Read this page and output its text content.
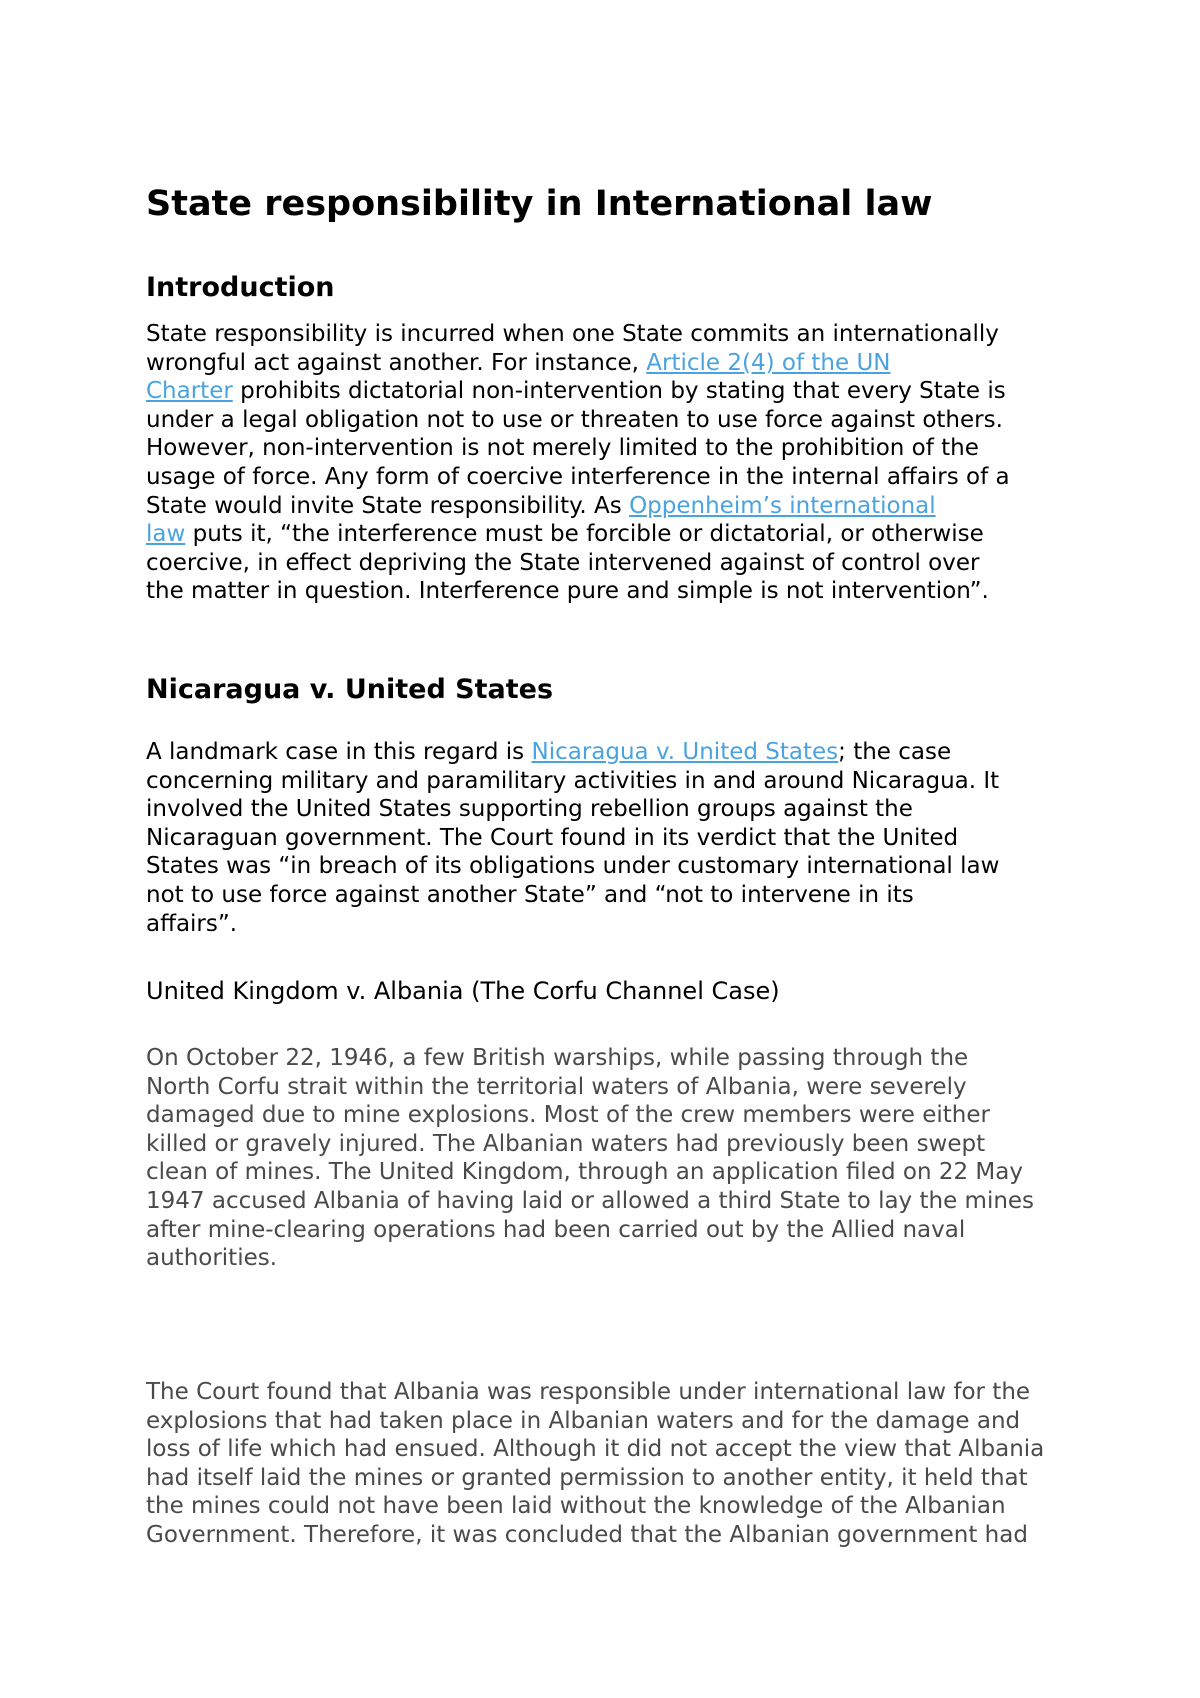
State responsibility in International law
Introduction
State responsibility is incurred when one State commits an internationally
wrongful act against another. For instance, Article 2(4) of the UN
Charter prohibits dictatorial non-intervention by stating that every State is
under a legal obligation not to use or threaten to use force against others.
However, non-intervention is not merely limited to the prohibition of the
usage of force. Any form of coercive interference in the internal affairs of a
State would invite State responsibility. As Oppenheim’s international
law puts it, “the interference must be forcible or dictatorial, or otherwise
coercive, in effect depriving the State intervened against of control over
the matter in question. Interference pure and simple is not intervention”.
Nicaragua v. United States
A landmark case in this regard is Nicaragua v. United States; the case
concerning military and paramilitary activities in and around Nicaragua. It
involved the United States supporting rebellion groups against the
Nicaraguan government. The Court found in its verdict that the United
States was “in breach of its obligations under customary international law
not to use force against another State” and “not to intervene in its
affairs”.
United Kingdom v. Albania (The Corfu Channel Case)
On October 22, 1946, a few British warships, while passing through the
North Corfu strait within the territorial waters of Albania, were severely
damaged due to mine explosions. Most of the crew members were either
killed or gravely injured. The Albanian waters had previously been swept
clean of mines. The United Kingdom, through an application filed on 22 May
1947 accused Albania of having laid or allowed a third State to lay the mines
after mine-clearing operations had been carried out by the Allied naval
authorities.
The Court found that Albania was responsible under international law for the
explosions that had taken place in Albanian waters and for the damage and
loss of life which had ensued. Although it did not accept the view that Albania
had itself laid the mines or granted permission to another entity, it held that
the mines could not have been laid without the knowledge of the Albanian
Government. Therefore, it was concluded that the Albanian government had
